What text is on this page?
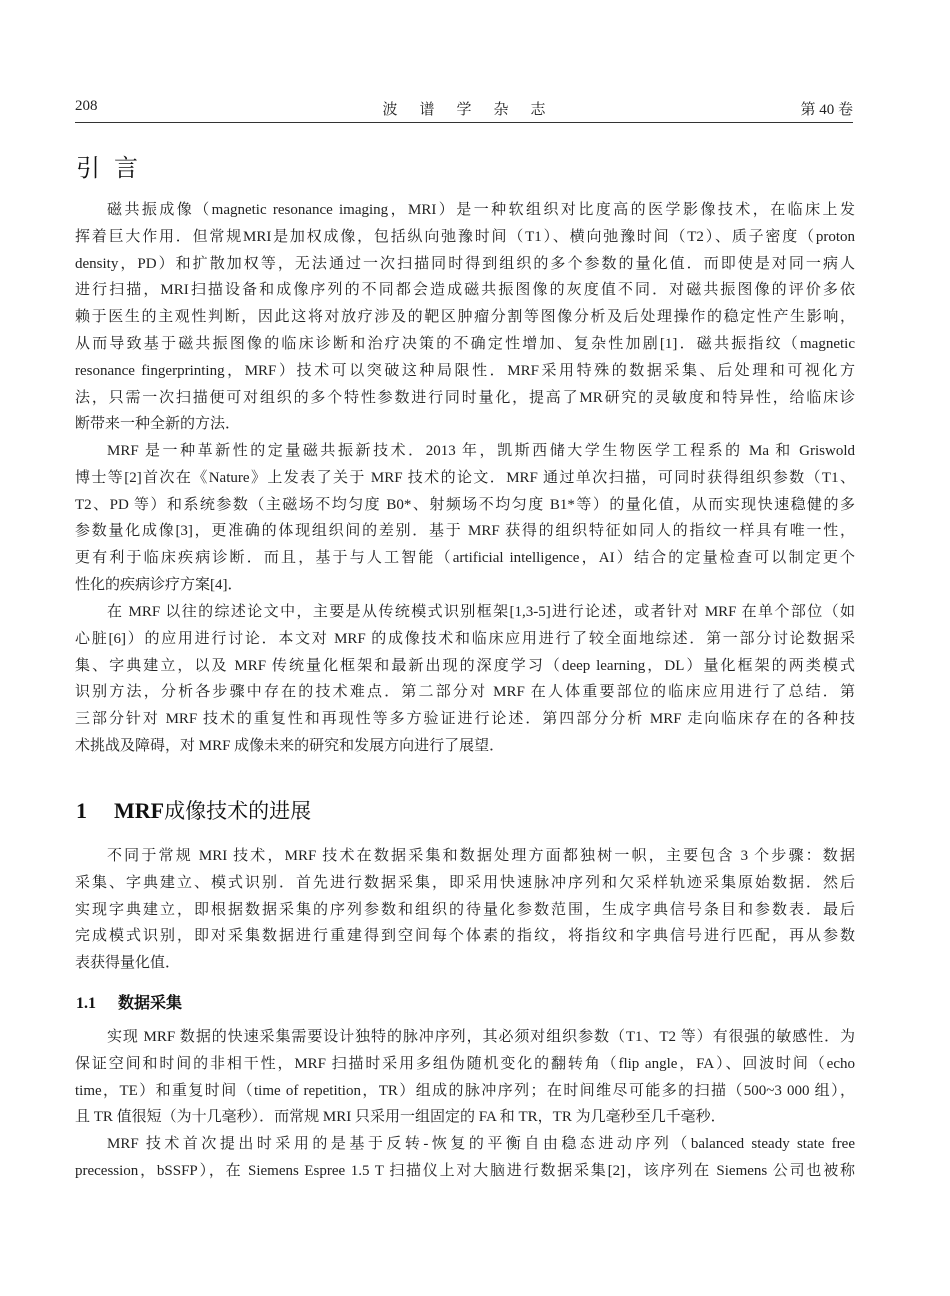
208	波谱学杂志	第 40 卷
引言
磁共振成像（magnetic resonance imaging，MRI）是一种软组织对比度高的医学影像技术，在临床上发
挥着巨大作用．但常规MRI是加权成像，包括纵向弛豫时间（T1）、横向弛豫时间（T2）、质子密度（proton
density，PD）和扩散加权等，无法通过一次扫描同时得到组织的多个参数的量化值．而即使是对同一病人
进行扫描，MRI扫描设备和成像序列的不同都会造成磁共振图像的灰度值不同．对磁共振图像的评价多依
赖于医生的主观性判断，因此这将对放疗涉及的靶区肿瘤分割等图像分析及后处理操作的稳定性产生影响，
从而导致基于磁共振图像的临床诊断和治疗决策的不确定性增加、复杂性加剧[1]．磁共振指纹（magnetic
resonance fingerprinting，MRF）技术可以突破这种局限性．MRF采用特殊的数据采集、后处理和可视化方
法，只需一次扫描便可对组织的多个特性参数进行同时量化，提高了MR研究的灵敏度和特异性，给临床诊
断带来一种全新的方法．
MRF 是一种革新性的定量磁共振新技术．2013 年，凯斯西储大学生物医学工程系的 Ma 和 Griswold
博士等[2]首次在《Nature》上发表了关于 MRF 技术的论文．MRF 通过单次扫描，可同时获得组织参数（T1、
T2、PD 等）和系统参数（主磁场不均匀度 B0*、射频场不均匀度 B1*等）的量化值，从而实现快速稳健的多
参数量化成像[3]，更准确的体现组织间的差别．基于 MRF 获得的组织特征如同人的指纹一样具有唯一性，
更有利于临床疾病诊断．而且，基于与人工智能（artificial intelligence，AI）结合的定量检查可以制定更个
性化的疾病诊疗方案[4]．
在 MRF 以往的综述论文中，主要是从传统模式识别框架[1,3-5]进行论述，或者针对 MRF 在单个部位（如
心脏[6]）的应用进行讨论．本文对 MRF 的成像技术和临床应用进行了较全面地综述．第一部分讨论数据采
集、字典建立，以及 MRF 传统量化框架和最新出现的深度学习（deep learning，DL）量化框架的两类模式
识别方法，分析各步骤中存在的技术难点．第二部分对 MRF 在人体重要部位的临床应用进行了总结．第
三部分针对 MRF 技术的重复性和再现性等多方验证进行论述．第四部分分析 MRF 走向临床存在的各种技
术挑战及障碍，对 MRF 成像未来的研究和发展方向进行了展望．
1 MRF成像技术的进展
不同于常规 MRI 技术，MRF 技术在数据采集和数据处理方面都独树一帜，主要包含 3 个步骤：数据
采集、字典建立、模式识别．首先进行数据采集，即采用快速脉冲序列和欠采样轨迹采集原始数据．然后
实现字典建立，即根据数据采集的序列参数和组织的待量化参数范围，生成字典信号条目和参数表．最后
完成模式识别，即对采集数据进行重建得到空间每个体素的指纹，将指纹和字典信号进行匹配，再从参数
表获得量化值．
1.1 数据采集
实现 MRF 数据的快速采集需要设计独特的脉冲序列，其必须对组织参数（T1、T2 等）有很强的敏感性．为
保证空间和时间的非相干性，MRF 扫描时采用多组伪随机变化的翻转角（flip angle，FA）、回波时间（echo
time，TE）和重复时间（time of repetition，TR）组成的脉冲序列；在时间维尽可能多的扫描（500~3 000 组），
且 TR 值很短（为十几毫秒）．而常规 MRI 只采用一组固定的 FA 和 TR，TR 为几毫秒至几千毫秒．
MRF 技术首次提出时采用的是基于反转-恢复的平衡自由稳态进动序列（balanced steady state free
precession，bSSFP），在 Siemens Espree 1.5 T 扫描仪上对大脑进行数据采集[2]，该序列在 Siemens 公司也被称
